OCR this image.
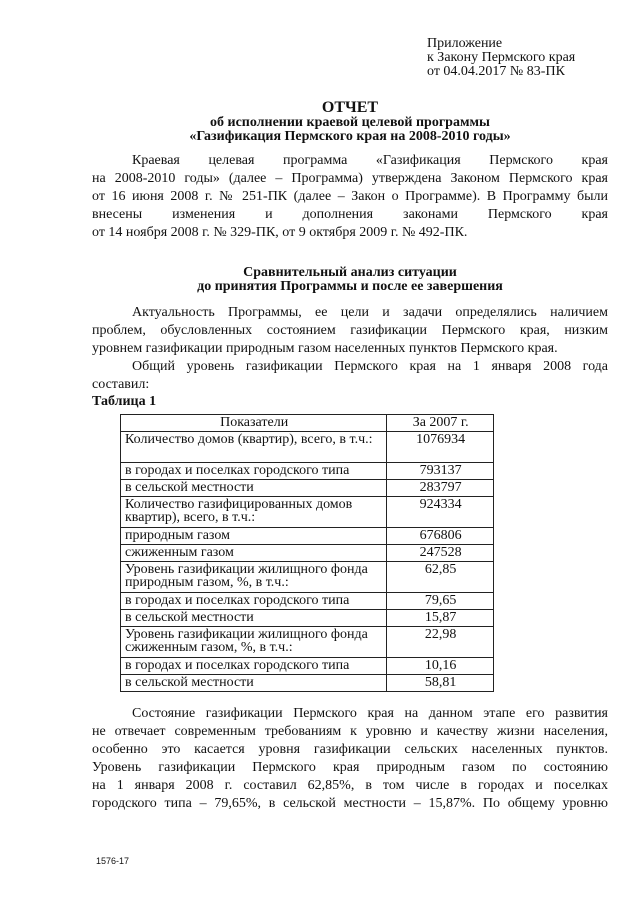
Приложение
к Закону Пермского края
от 04.04.2017 № 83-ПК
ОТЧЕТ
об исполнении краевой целевой программы
«Газификация Пермского края на 2008-2010 годы»
Краевая целевая программа «Газификация Пермского края
на 2008-2010 годы» (далее – Программа) утверждена Законом Пермского края
от 16 июня 2008 г. № 251-ПК (далее – Закон о Программе). В Программу были
внесены изменения и дополнения законами Пермского края
от 14 ноября 2008 г. № 329-ПК, от 9 октября 2009 г. № 492-ПК.
Сравнительный анализ ситуации
до принятия Программы и после ее завершения
Актуальность Программы, ее цели и задачи определялись наличием
проблем, обусловленных состоянием газификации Пермского края, низким
уровнем газификации природным газом населенных пунктов Пермского края.
Общий уровень газификации Пермского края на 1 января 2008 года
составил:
Таблица 1
Показатели	За 2007 г.
Количество домов (квартир), всего, в т.ч.:	1076934
в городах и поселках городского типа	793137
в сельской местности	283797
Количество газифицированных домов квартир), всего, в т.ч.:	924334
природным газом	676806
сжиженным газом	247528
Уровень газификации жилищного фонда природным газом, %, в т.ч.:	62,85
в городах и поселках городского типа	79,65
в сельской местности	15,87
Уровень газификации жилищного фонда сжиженным газом, %, в т.ч.:	22,98
в городах и поселках городского типа	10,16
в сельской местности	58,81
Состояние газификации Пермского края на данном этапе его развития
не отвечает современным требованиям к уровню и качеству жизни населения,
особенно это касается уровня газификации сельских населенных пунктов.
Уровень газификации Пермского края природным газом по состоянию
на 1 января 2008 г. составил 62,85%, в том числе в городах и поселках
городского типа – 79,65%, в сельской местности – 15,87%. По общему уровню
1576-17
